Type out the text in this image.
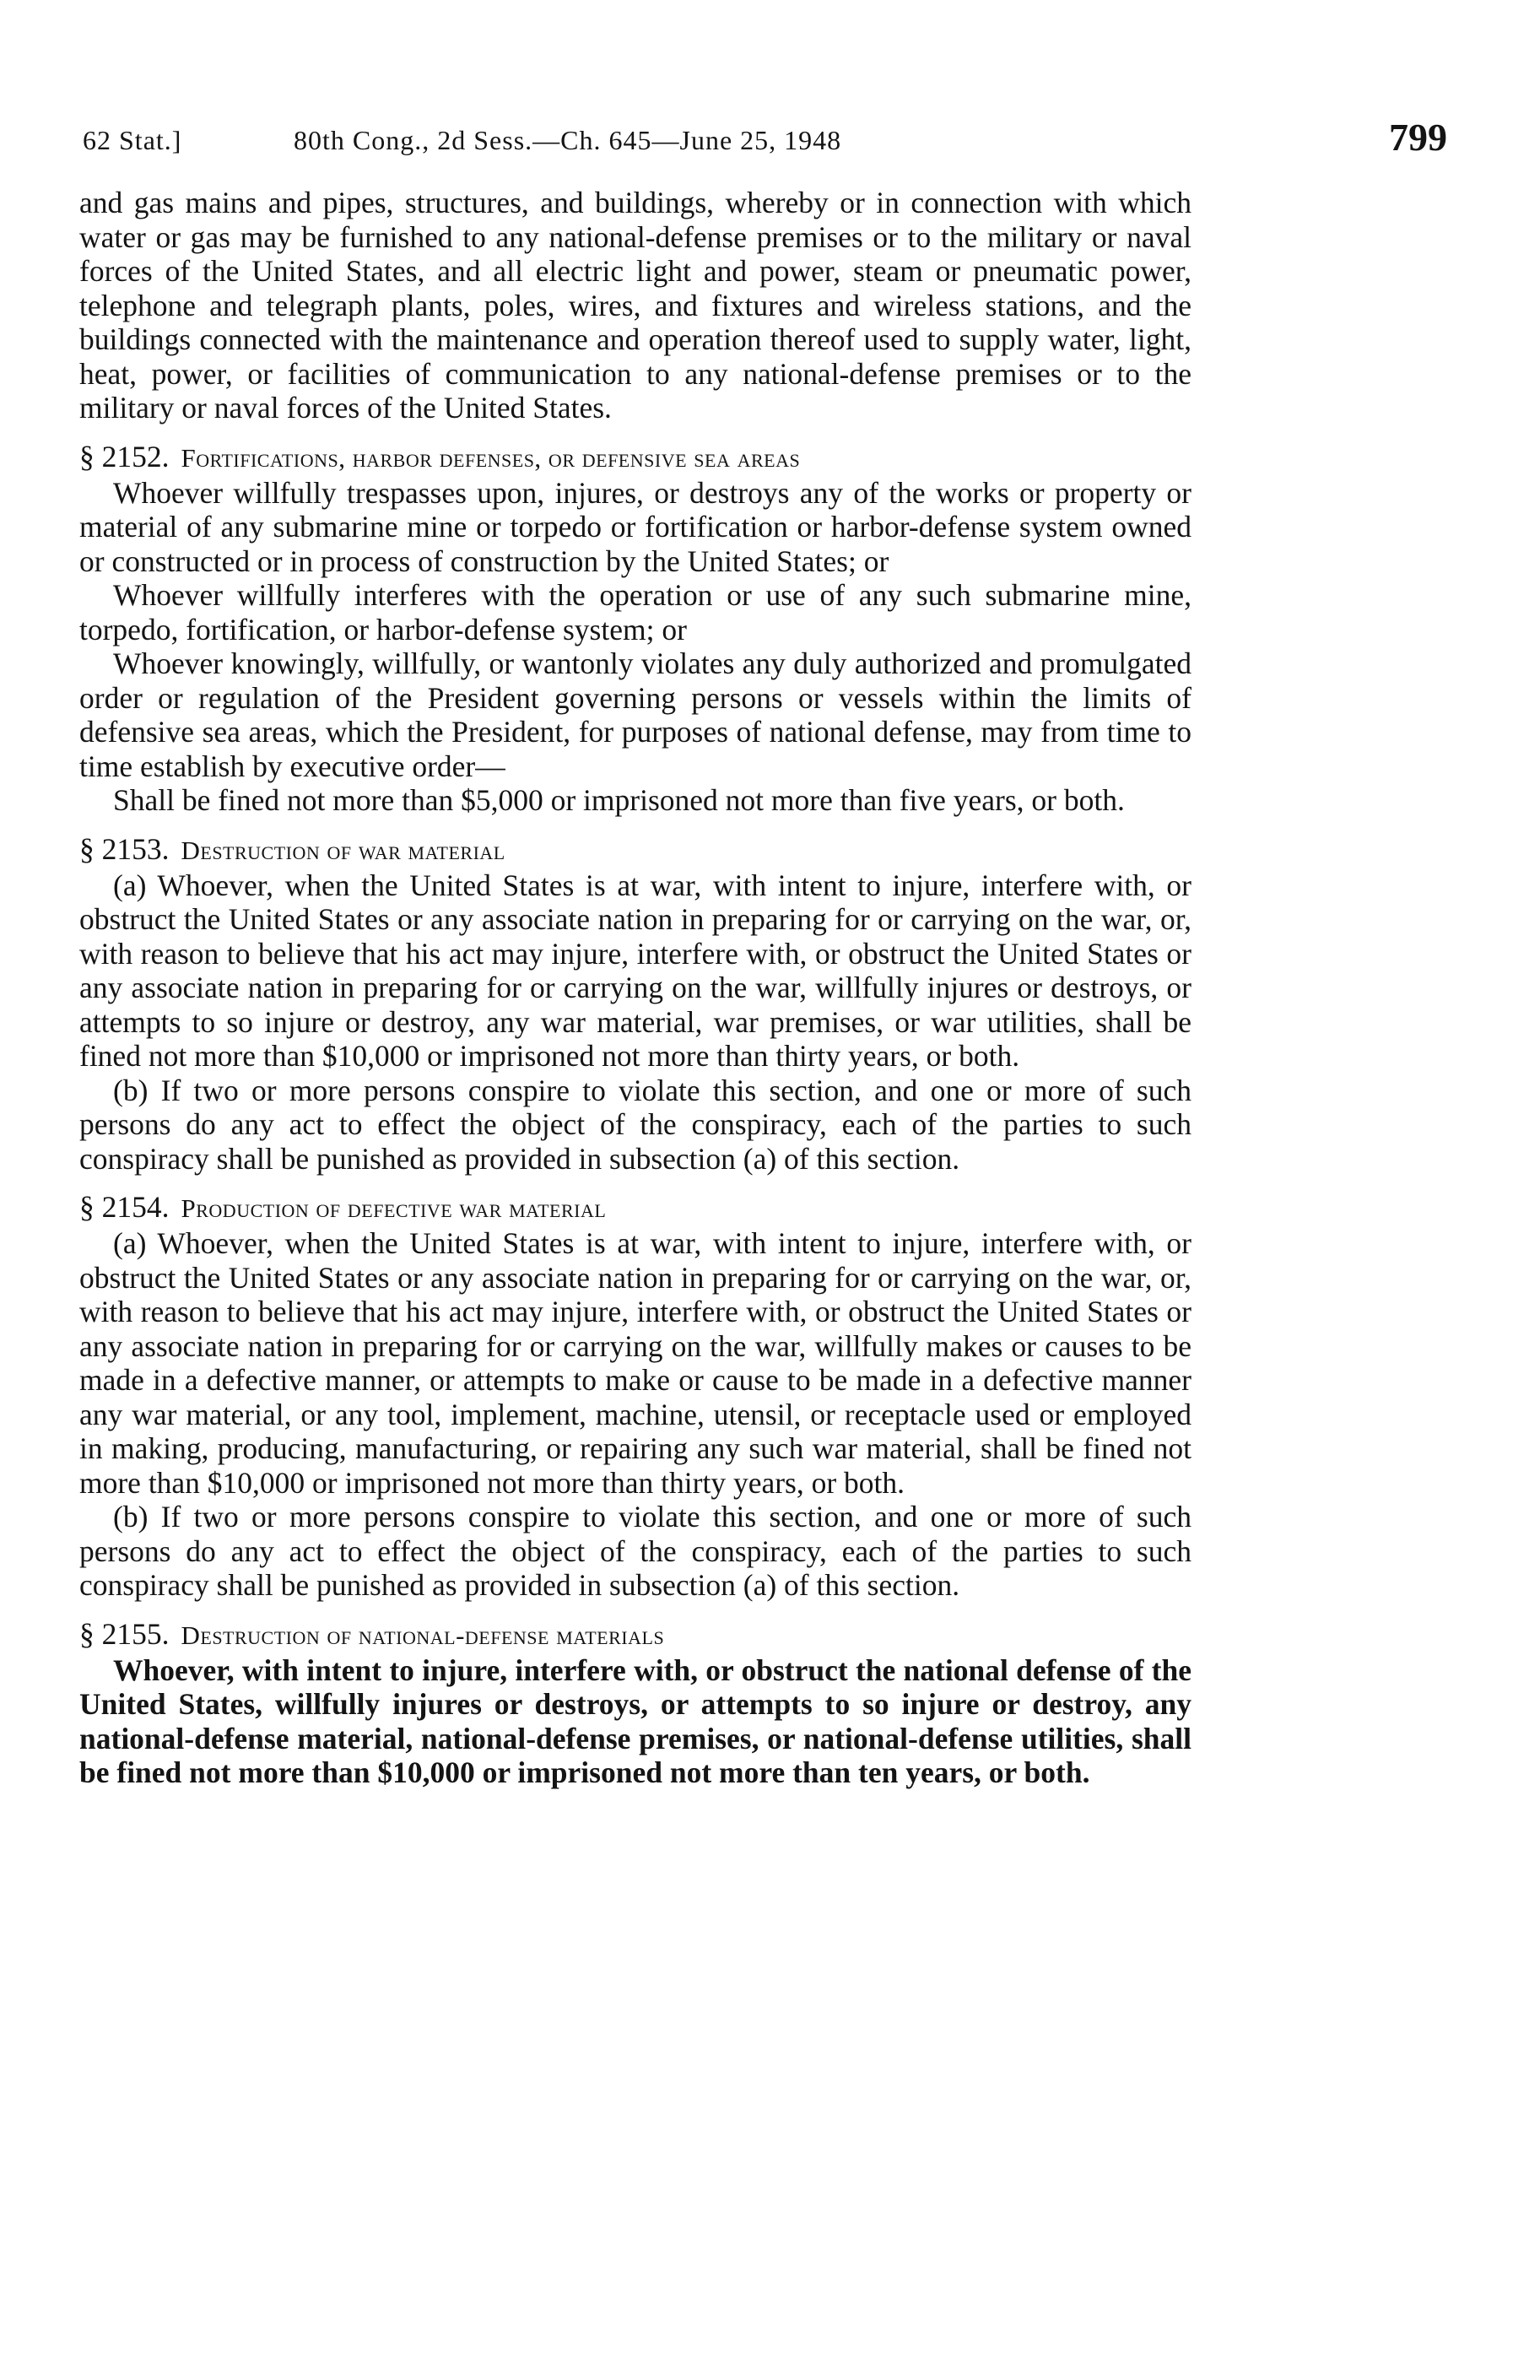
62 Stat.]	80th Cong., 2d Sess.—Ch. 645—June 25, 1948	799

and gas mains and pipes, structures, and buildings, whereby or in connection with which water or gas may be furnished to any national-defense premises or to the military or naval forces of the United States, and all electric light and power, steam or pneumatic power, telephone and telegraph plants, poles, wires, and fixtures and wireless stations, and the buildings connected with the maintenance and operation thereof used to supply water, light, heat, power, or facilities of communication to any national-defense premises or to the military or naval forces of the United States.

§ 2152. Fortifications, harbor defenses, or defensive sea areas

Whoever willfully trespasses upon, injures, or destroys any of the works or property or material of any submarine mine or torpedo or fortification or harbor-defense system owned or constructed or in process of construction by the United States; or

Whoever willfully interferes with the operation or use of any such submarine mine, torpedo, fortification, or harbor-defense system; or

Whoever knowingly, willfully, or wantonly violates any duly authorized and promulgated order or regulation of the President governing persons or vessels within the limits of defensive sea areas, which the President, for purposes of national defense, may from time to time establish by executive order—

Shall be fined not more than $5,000 or imprisoned not more than five years, or both.

§ 2153. Destruction of war material

(a) Whoever, when the United States is at war, with intent to injure, interfere with, or obstruct the United States or any associate nation in preparing for or carrying on the war, or, with reason to believe that his act may injure, interfere with, or obstruct the United States or any associate nation in preparing for or carrying on the war, willfully injures or destroys, or attempts to so injure or destroy, any war material, war premises, or war utilities, shall be fined not more than $10,000 or imprisoned not more than thirty years, or both.

(b) If two or more persons conspire to violate this section, and one or more of such persons do any act to effect the object of the conspiracy, each of the parties to such conspiracy shall be punished as provided in subsection (a) of this section.

§ 2154. Production of defective war material

(a) Whoever, when the United States is at war, with intent to injure, interfere with, or obstruct the United States or any associate nation in preparing for or carrying on the war, or, with reason to believe that his act may injure, interfere with, or obstruct the United States or any associate nation in preparing for or carrying on the war, willfully makes or causes to be made in a defective manner, or attempts to make or cause to be made in a defective manner any war material, or any tool, implement, machine, utensil, or receptacle used or employed in making, producing, manufacturing, or repairing any such war material, shall be fined not more than $10,000 or imprisoned not more than thirty years, or both.

(b) If two or more persons conspire to violate this section, and one or more of such persons do any act to effect the object of the conspiracy, each of the parties to such conspiracy shall be punished as provided in subsection (a) of this section.

§ 2155. Destruction of national-defense materials

Whoever, with intent to injure, interfere with, or obstruct the national defense of the United States, willfully injures or destroys, or attempts to so injure or destroy, any national-defense material, national-defense premises, or national-defense utilities, shall be fined not more than $10,000 or imprisoned not more than ten years, or both.
